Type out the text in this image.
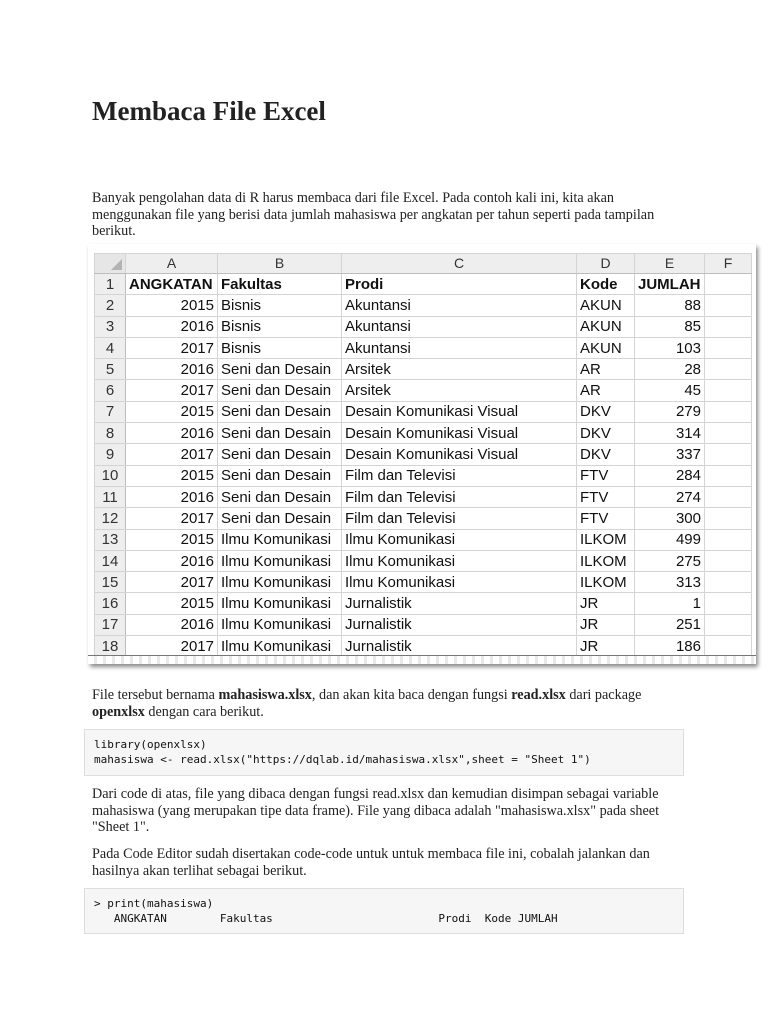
Membaca File Excel

Banyak pengolahan data di R harus membaca dari file Excel. Pada contoh kali ini, kita akan menggunakan file yang berisi data jumlah mahasiswa per angkatan per tahun seperti pada tampilan berikut.

	A	B	C	D	E	F
1	ANGKATAN	Fakultas	Prodi	Kode	JUMLAH	
2	2015	Bisnis	Akuntansi	AKUN	88	
3	2016	Bisnis	Akuntansi	AKUN	85	
4	2017	Bisnis	Akuntansi	AKUN	103	
5	2016	Seni dan Desain	Arsitek	AR	28	
6	2017	Seni dan Desain	Arsitek	AR	45	
7	2015	Seni dan Desain	Desain Komunikasi Visual	DKV	279	
8	2016	Seni dan Desain	Desain Komunikasi Visual	DKV	314	
9	2017	Seni dan Desain	Desain Komunikasi Visual	DKV	337	
10	2015	Seni dan Desain	Film dan Televisi	FTV	284	
11	2016	Seni dan Desain	Film dan Televisi	FTV	274	
12	2017	Seni dan Desain	Film dan Televisi	FTV	300	
13	2015	Ilmu Komunikasi	Ilmu Komunikasi	ILKOM	499	
14	2016	Ilmu Komunikasi	Ilmu Komunikasi	ILKOM	275	
15	2017	Ilmu Komunikasi	Ilmu Komunikasi	ILKOM	313	
16	2015	Ilmu Komunikasi	Jurnalistik	JR	1	
17	2016	Ilmu Komunikasi	Jurnalistik	JR	251	
18	2017	Ilmu Komunikasi	Jurnalistik	JR	186	

File tersebut bernama mahasiswa.xlsx, dan akan kita baca dengan fungsi read.xlsx dari package openxlsx dengan cara berikut.

library(openxlsx)
mahasiswa <- read.xlsx("https://dqlab.id/mahasiswa.xlsx",sheet = "Sheet 1")

Dari code di atas, file yang dibaca dengan fungsi read.xlsx dan kemudian disimpan sebagai variable mahasiswa (yang merupakan tipe data frame). File yang dibaca adalah "mahasiswa.xlsx" pada sheet "Sheet 1".

Pada Code Editor sudah disertakan code-code untuk untuk membaca file ini, cobalah jalankan dan hasilnya akan terlihat sebagai berikut.

> print(mahasiswa)
ANGKATAN        Fakultas                         Prodi  Kode JUMLAH
